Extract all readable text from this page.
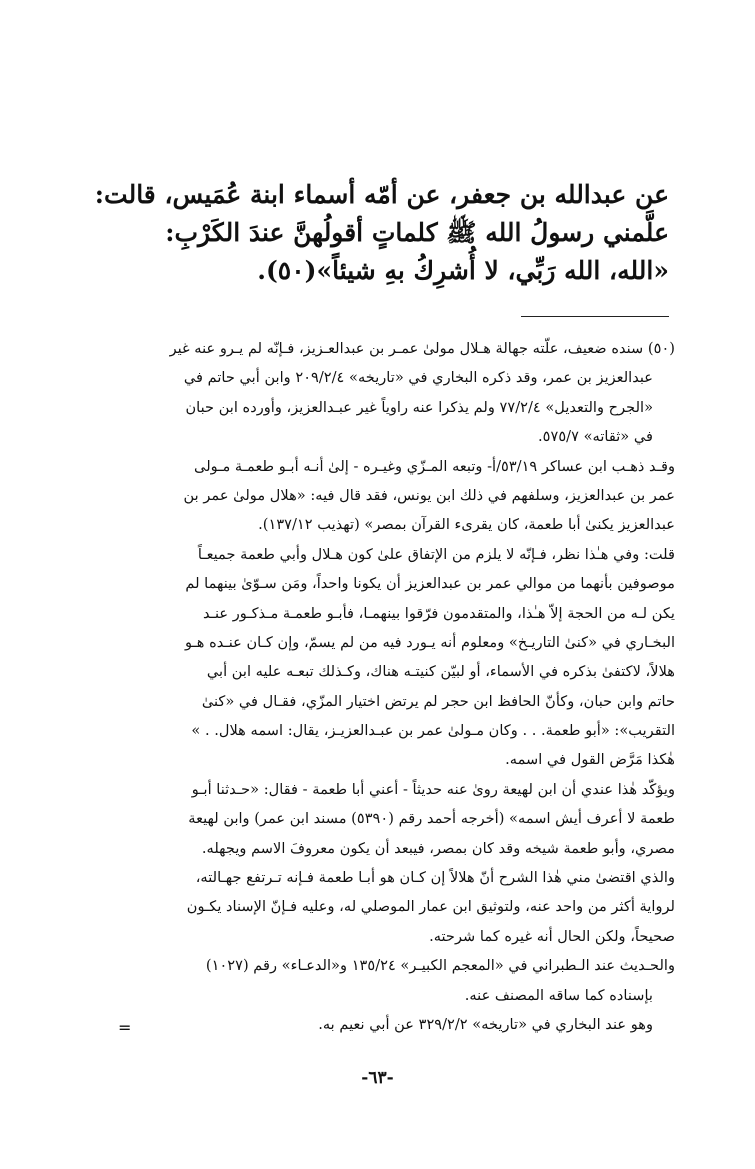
عن عبدالله بن جعفر، عن أمّه أسماء ابنة عُمَيس، قالت:
علَّمني رسولُ الله ﷺ كلماتٍ أقولُهنَّ عندَ الكَرْبِ:
«الله، الله رَبِّي، لا أُشرِكُ بهِ شيئاً»(٥٠).
(٥٠) سنده ضعيف، علّته جهالة هـلال مولىٰ عمـر بن عبدالعـزيز، فـإنّه لم يـرو عنه غير
عبدالعزيز بن عمر، وقد ذكره البخاري في «تاريخه» ٢٠٩/٢/٤ وابن أبي حاتم في
«الجرح والتعديل» ٧٧/٢/٤ ولم يذكرا عنه راوياً غير عبـدالعزيز، وأورده ابن حبان
في «ثقاته» ٥٧٥/٧.
وقـد ذهـب ابن عساكر ٥٣/١٩/أ- وتبعه المـزّي وغيـره - إلىٰ أنـه أبـو طعمـة مـولى
عمر بن عبدالعزيز، وسلفهم في ذلك ابن يونس، فقد قال فيه: «هلال مولىٰ عمر بن
عبدالعزيز يكنىٰ أبا طعمة، كان يقرىء القرآن بمصر» (تهذيب ١٣٧/١٢).
قلت: وفي هـٰذا نظر، فـإنّه لا يلزم من الإتفاق علىٰ كون هـلال وأبي طعمة جميعـاً
موصوفين بأنهما من موالي عمر بن عبدالعزيز أن يكونا واحداً، ومَن سـوّىٰ بينهما لم
يكن لـه من الحجة إلاّ هـٰذا، والمتقدمون فرّقوا بينهمـا، فأبـو طعمـة مـذكـور عنـد
البخـاري في «كنىٰ التاريـخ» ومعلوم أنه يـورد فيه من لم يسمّ، وإن كـان عنـده هـو
هلالاً، لاكتفىٰ بذكره في الأسماء، أو لبيّن كنيتـه هناك، وكـذلك تبعـه عليه ابن أبي
حاتم وابن حبان، وكأنّ الحافظ ابن حجر لم يرتض اختيار المزّي، فقـال في «كنىٰ
التقريب»: «أبو طعمة. . . وكان مـولىٰ عمر بن عبـدالعزيـز، يقال: اسمه هلال. . »
هٰكذا مَرَّض القول في اسمه.
ويؤكّد هٰذا عندي أن ابن لهيعة روىٰ عنه حديثاً - أعني أبا طعمة - فقال: «حـدثنا أبـو
طعمة لا أعرف أيش اسمه» (أخرجه أحمد رقم (٥٣٩٠) مسند ابن عمر) وابن لهيعة
مصري، وأبو طعمة شيخه وقد كان بمصر، فيبعد أن يكون معروفَ الاسم ويجهله.
والذي اقتضىٰ مني هٰذا الشرح أنّ هلالاً إن كـان هو أبـا طعمة فـإنه تـرتفع جهـالته،
لرواية أكثر من واحد عنه، ولتوثيق ابن عمار الموصلي له، وعليه فـإنّ الإسناد يكـون
صحيحاً، ولكن الحال أنه غيره كما شرحته.
والحـديث عند الـطبراني في «المعجم الكبيـر» ١٣٥/٢٤ و«الدعـاء» رقم (١٠٢٧)
بإسناده كما ساقه المصنف عنه.
وهو عند البخاري في «تاريخه» ٣٢٩/٢/٢ عن أبي نعيم به.
=
-٦٣-
